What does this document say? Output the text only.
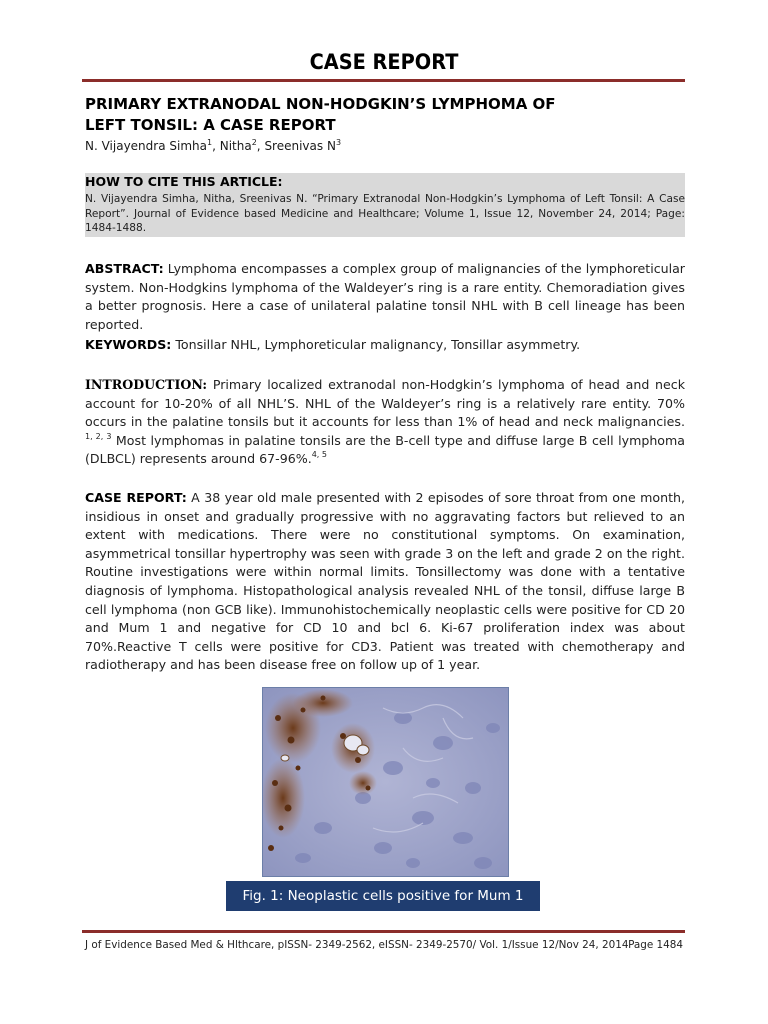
CASE REPORT
PRIMARY EXTRANODAL NON-HODGKIN’S LYMPHOMA OF
LEFT TONSIL: A CASE REPORT
N. Vijayendra Simha$^1$, Nitha$^2$, Sreenivas $N^3$
HOW TO CITE THIS ARTICLE:
N. Vijayendra Simha, Nitha, Sreenivas N. “Primary Extranodal Non-Hodgkin’s Lymphoma of Left Tonsil: A Case Report”. Journal of Evidence based Medicine and Healthcare; Volume 1, Issue 12, November 24, 2014; Page: 1484-1488.
ABSTRACT: Lymphoma encompasses a complex group of malignancies of the lymphoreticular system. Non-Hodgkins lymphoma of the Waldeyer’s ring is a rare entity. Chemoradiation gives a better prognosis. Here a case of unilateral palatine tonsil NHL with B cell lineage has been reported.
KEYWORDS: Tonsillar NHL, Lymphoreticular malignancy, Tonsillar asymmetry.
INTRODUCTION: Primary localized extranodal non-Hodgkin’s lymphoma of head and neck account for 10-20% of all NHL’S. NHL of the Waldeyer’s ring is a relatively rare entity. 70% occurs in the palatine tonsils but it accounts for less than 1% of head and neck malignancies. $^{1, 2, 3}$ Most lymphomas in palatine tonsils are the B-cell type and diffuse large B cell lymphoma (DLBCL) represents around 67-96%.$^{4, 5}$
CASE REPORT: A 38 year old male presented with 2 episodes of sore throat from one month, insidious in onset and gradually progressive with no aggravating factors but relieved to an extent with medications. There were no constitutional symptoms. On examination, asymmetrical tonsillar hypertrophy was seen with grade 3 on the left and grade 2 on the right. Routine investigations were within normal limits. Tonsillectomy was done with a tentative diagnosis of lymphoma. Histopathological analysis revealed NHL of the tonsil, diffuse large B cell lymphoma (non GCB like). Immunohistochemically neoplastic cells were positive for CD 20 and Mum 1 and negative for CD 10 and bcl 6. Ki-67 proliferation index was about 70%.Reactive T cells were positive for CD3. Patient was treated with chemotherapy and radiotherapy and has been disease free on follow up of 1 year.
Fig. 1: Neoplastic cells positive for Mum 1
J of Evidence Based Med & Hlthcare, pISSN- 2349-2562, eISSN- 2349-2570/ Vol. 1/Issue 12/Nov 24, 2014 Page 1484
